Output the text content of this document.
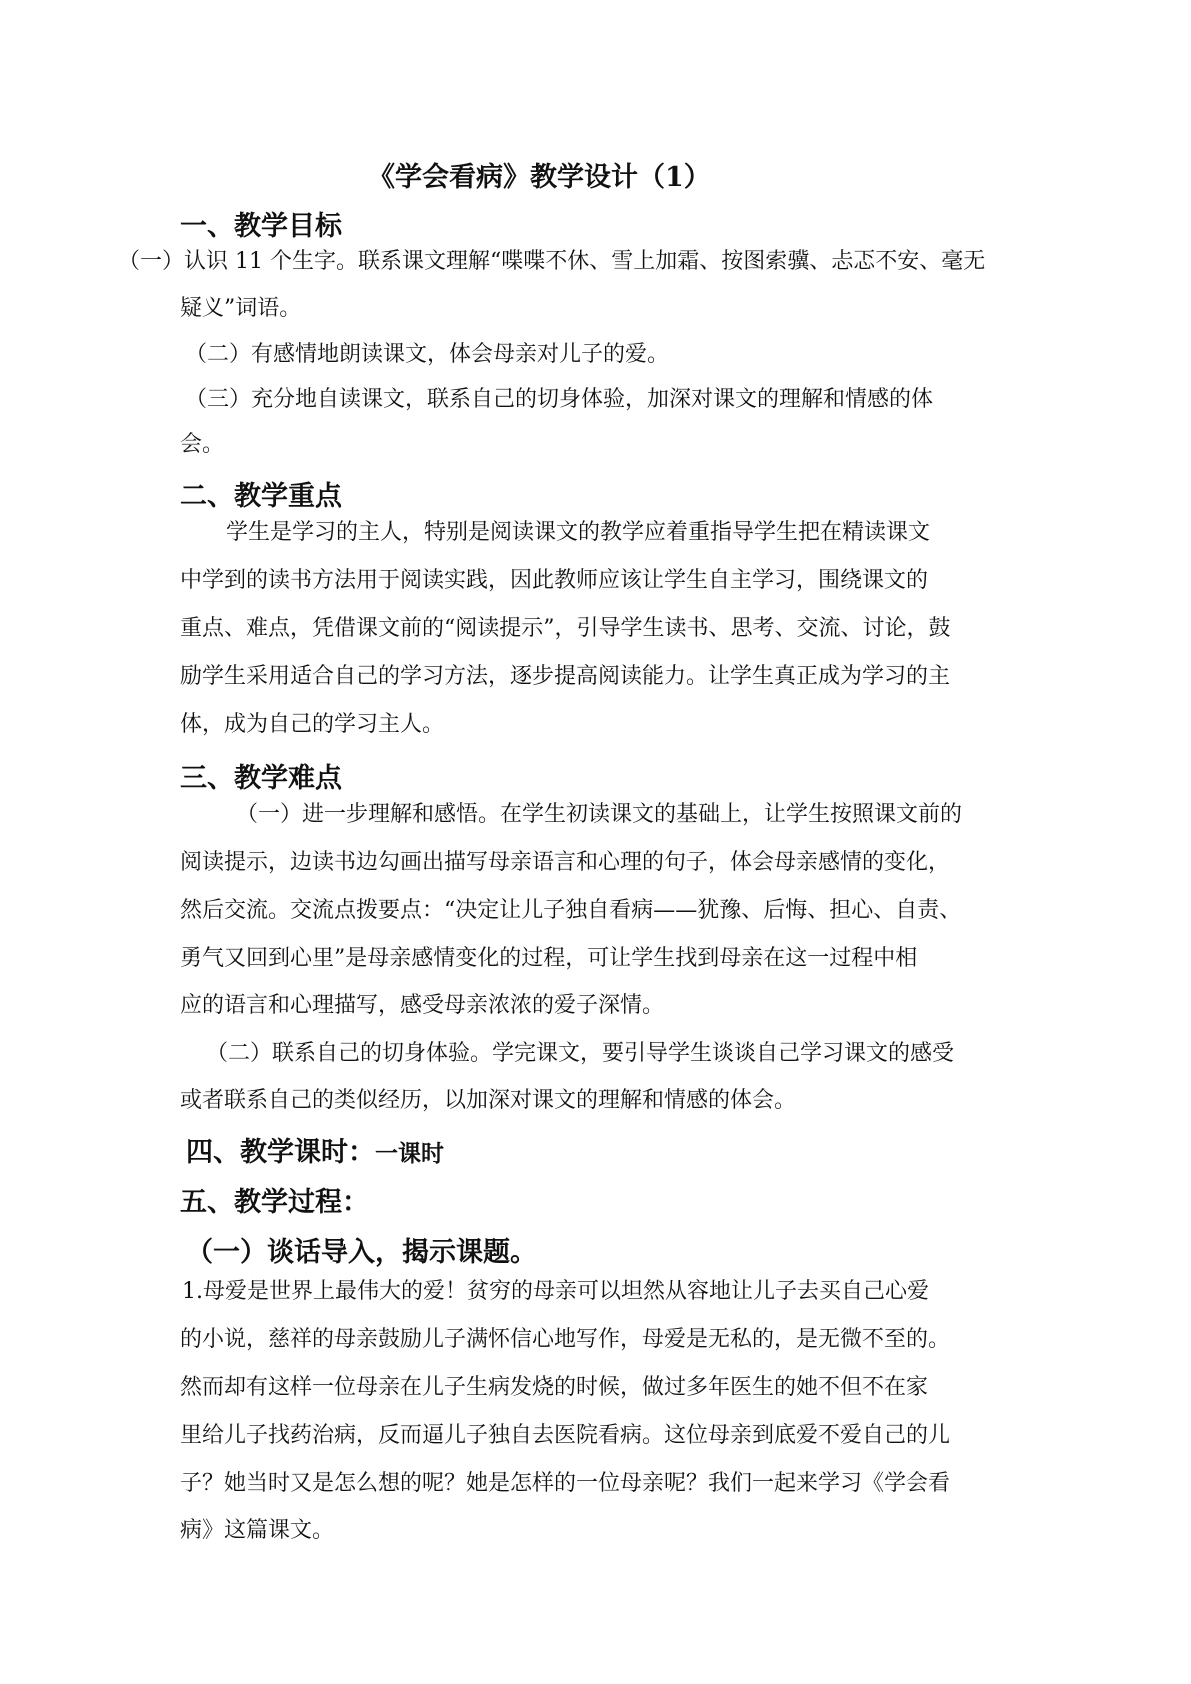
《学会看病》教学设计（1）
一、教学目标
（一）认识 11 个生字。联系课文理解“喋喋不休、雪上加霜、按图索骥、忐忑不安、毫无
疑义”词语。
（二）有感情地朗读课文，体会母亲对儿子的爱。
（三）充分地自读课文，联系自己的切身体验，加深对课文的理解和情感的体
会。
二、教学重点
学生是学习的主人，特别是阅读课文的教学应着重指导学生把在精读课文
中学到的读书方法用于阅读实践，因此教师应该让学生自主学习，围绕课文的
重点、难点，凭借课文前的“阅读提示”，引导学生读书、思考、交流、讨论，鼓
励学生采用适合自己的学习方法，逐步提高阅读能力。让学生真正成为学习的主
体，成为自己的学习主人。
三、教学难点
（一）进一步理解和感悟。在学生初读课文的基础上，让学生按照课文前的
阅读提示，边读书边勾画出描写母亲语言和心理的句子，体会母亲感情的变化，
然后交流。交流点拨要点：“决定让儿子独自看病——犹豫、后悔、担心、自责、
勇气又回到心里”是母亲感情变化的过程，可让学生找到母亲在这一过程中相
应的语言和心理描写，感受母亲浓浓的爱子深情。
（二）联系自己的切身体验。学完课文，要引导学生谈谈自己学习课文的感受
或者联系自己的类似经历，以加深对课文的理解和情感的体会。
四、教学课时：一课时
五、教学过程：
（一）谈话导入，揭示课题。
1.母爱是世界上最伟大的爱！贫穷的母亲可以坦然从容地让儿子去买自己心爱
的小说，慈祥的母亲鼓励儿子满怀信心地写作，母爱是无私的，是无微不至的。
然而却有这样一位母亲在儿子生病发烧的时候，做过多年医生的她不但不在家
里给儿子找药治病，反而逼儿子独自去医院看病。这位母亲到底爱不爱自己的儿
子？她当时又是怎么想的呢？她是怎样的一位母亲呢？我们一起来学习《学会看
病》这篇课文。
